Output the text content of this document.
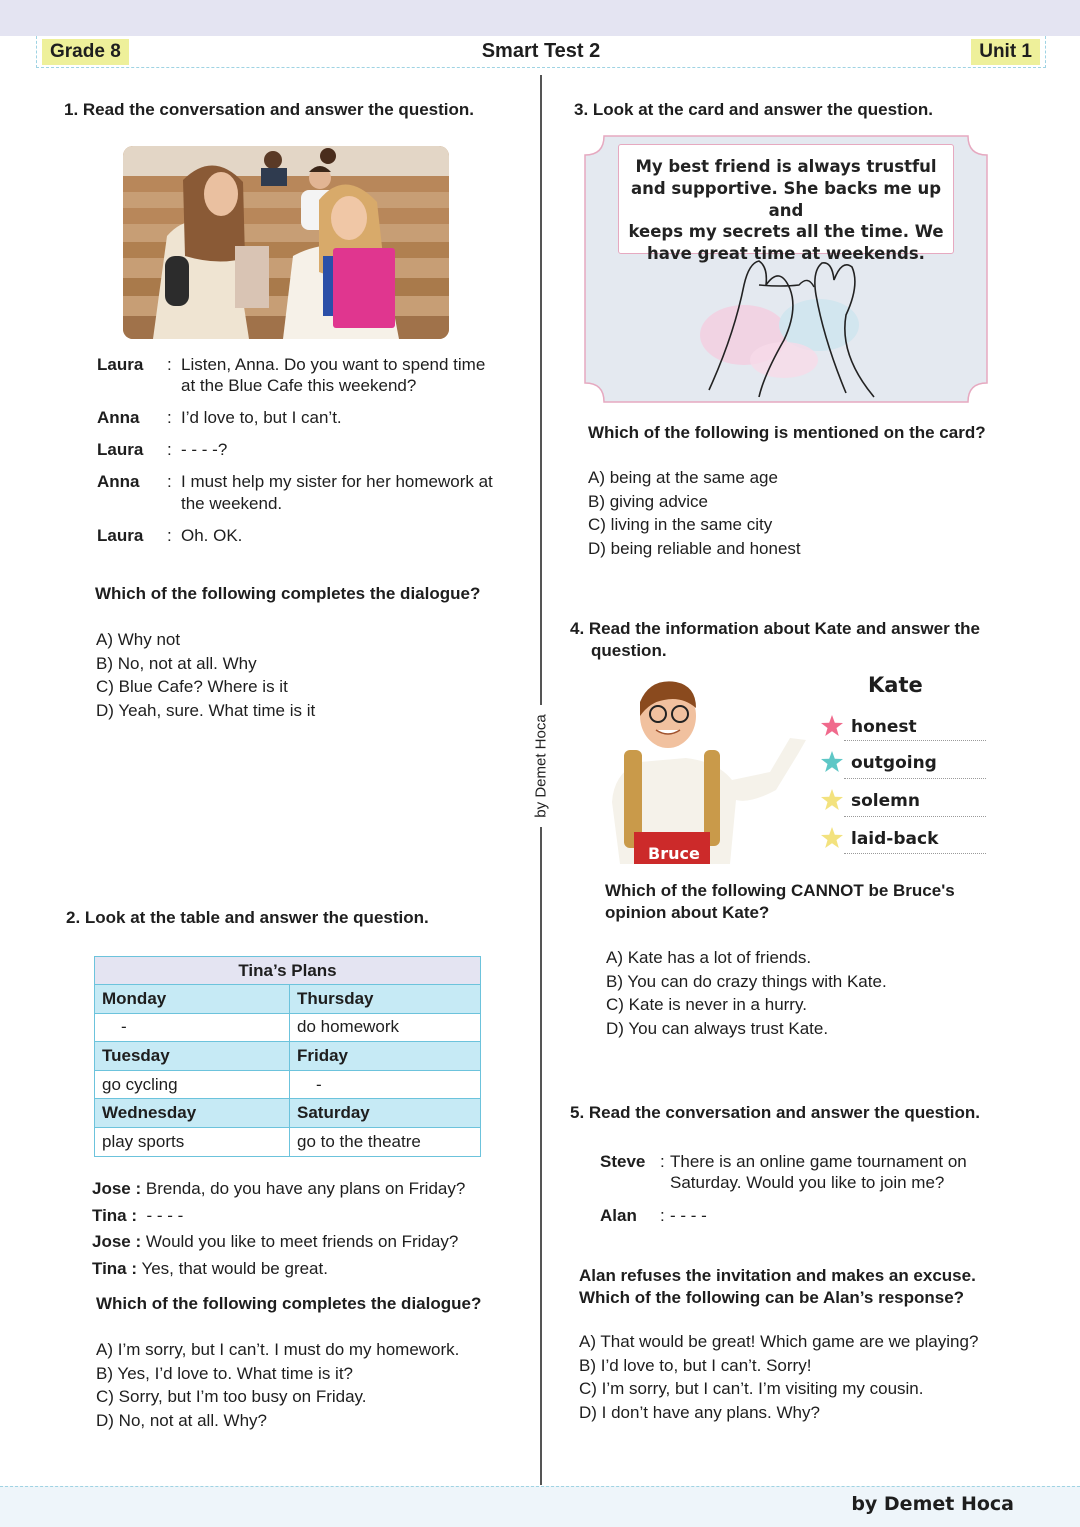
Grade 8	Smart Test 2	Unit 1
by Demet Hoca
1. Read the conversation and answer the question.
Laura	: Listen, Anna. Do you want to spend time
at the Blue Cafe this weekend?
Anna	: I’d love to, but I can’t.
Laura	: - - - -?
Anna	: I must help my sister for her homework at
the weekend.
Laura	: Oh. OK.
Which of the following completes the dialogue?
A) Why not
B) No, not at all. Why
C) Blue Cafe? Where is it
D) Yeah, sure. What time is it
2. Look at the table and answer the question.
Tina’s Plans	
Monday	Thursday
-	do homework
Tuesday	Friday
go cycling	-
Wednesday	Saturday
play sports	go to the theatre
Jose : Brenda, do you have any plans on Friday?
Tina : - - - -
Jose : Would you like to meet friends on Friday?
Tina : Yes, that would be great.
Which of the following completes the dialogue?
A) I’m sorry, but I can’t. I must do my homework.
B) Yes, I’d love to. What time is it?
C) Sorry, but I’m too busy on Friday.
D) No, not at all. Why?
3. Look at the card and answer the question.
My best friend is always trustful
and supportive. She backs me up and
keeps my secrets all the time. We
have great time at weekends.
Which of the following is mentioned on the card?
A) being at the same age
B) giving advice
C) living in the same city
D) being reliable and honest
4. Read the information about Kate and answer the
question.
Bruce
Kate
honest
outgoing
solemn
laid-back
Which of the following CANNOT be Bruce's
opinion about Kate?
A) Kate has a lot of friends.
B) You can do crazy things with Kate.
C) Kate is never in a hurry.
D) You can always trust Kate.
5. Read the conversation and answer the question.
Steve : There is an online game tournament on
Saturday. Would you like to join me?
Alan	: - - - -
Alan refuses the invitation and makes an excuse.
Which of the following can be Alan’s response?
A) That would be great! Which game are we playing?
B) I’d love to, but I can’t. Sorry!
C) I’m sorry, but I can’t. I’m visiting my cousin.
D) I don’t have any plans. Why?
by Demet Hoca
